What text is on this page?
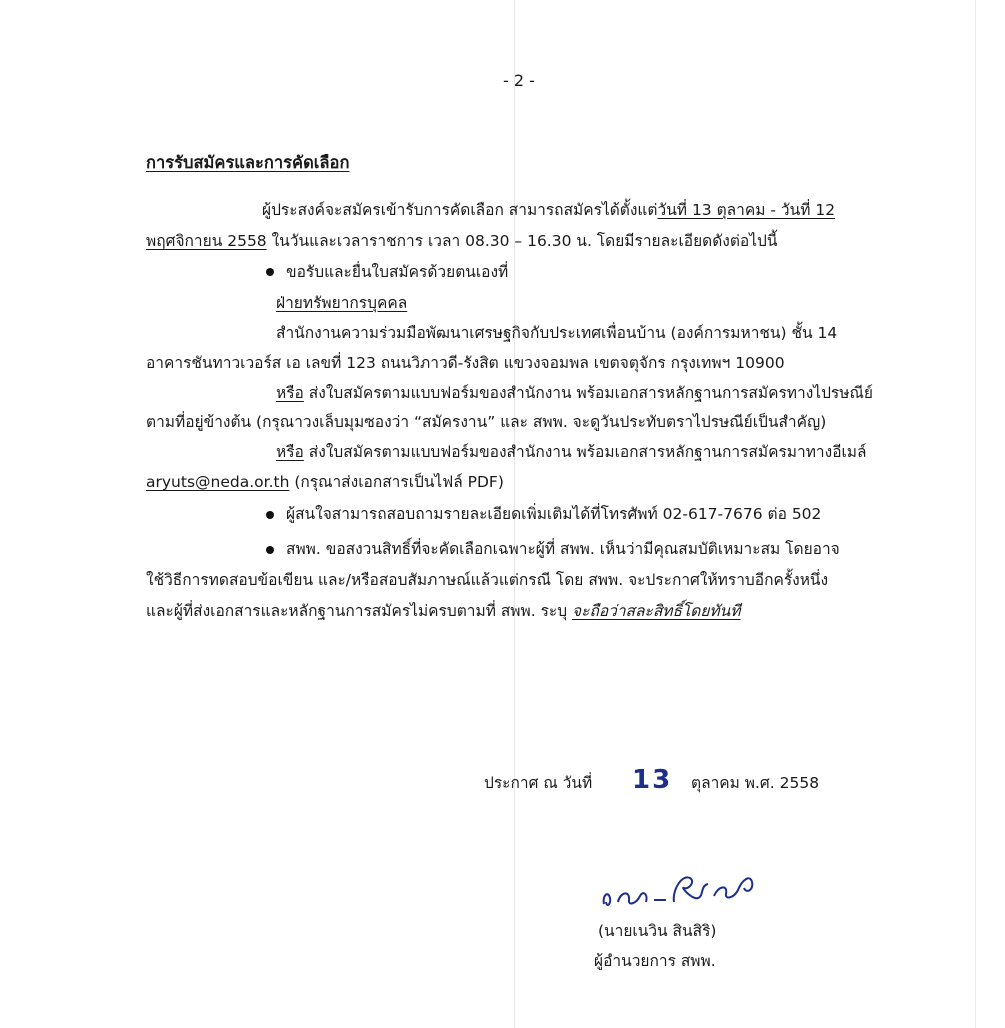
- 2 -
การรับสมัครและการคัดเลือก
ผู้ประสงค์จะสมัครเข้ารับการคัดเลือก สามารถสมัครได้ตั้งแต่วันที่ 13 ตุลาคม - วันที่ 12
พฤศจิกายน 2558 ในวันและเวลาราชการ เวลา 08.30 – 16.30 น. โดยมีรายละเอียดดังต่อไปนี้
ขอรับและยื่นใบสมัครด้วยตนเองที่
ฝ่ายทรัพยากรบุคคล
สำนักงานความร่วมมือพัฒนาเศรษฐกิจกับประเทศเพื่อนบ้าน (องค์การมหาชน) ชั้น 14
อาคารชันทาวเวอร์ส เอ เลขที่ 123 ถนนวิภาวดี-รังสิต แขวงจอมพล เขตจตุจักร กรุงเทพฯ 10900
หรือ ส่งใบสมัครตามแบบฟอร์มของสำนักงาน พร้อมเอกสารหลักฐานการสมัครทางไปรษณีย์
ตามที่อยู่ข้างต้น (กรุณาวงเล็บมุมซองว่า “สมัครงาน” และ สพพ. จะดูวันประทับตราไปรษณีย์เป็นสำคัญ)
หรือ ส่งใบสมัครตามแบบฟอร์มของสำนักงาน พร้อมเอกสารหลักฐานการสมัครมาทางอีเมล์
aryuts@neda.or.th (กรุณาส่งเอกสารเป็นไฟล์ PDF)
ผู้สนใจสามารถสอบถามรายละเอียดเพิ่มเติมได้ที่โทรศัพท์ 02-617-7676 ต่อ 502
สพพ. ขอสงวนสิทธิ์ที่จะคัดเลือกเฉพาะผู้ที่ สพพ. เห็นว่ามีคุณสมบัติเหมาะสม โดยอาจ
ใช้วิธีการทดสอบข้อเขียน และ/หรือสอบสัมภาษณ์แล้วแต่กรณี โดย สพพ. จะประกาศให้ทราบอีกครั้งหนึ่ง
และผู้ที่ส่งเอกสารและหลักฐานการสมัครไม่ครบตามที่ สพพ. ระบุ จะถือว่าสละสิทธิ์โดยทันที
ประกาศ ณ วันที่ 13 ตุลาคม พ.ศ. 2558
(นายเนวิน สินสิริ)
ผู้อำนวยการ สพพ.
